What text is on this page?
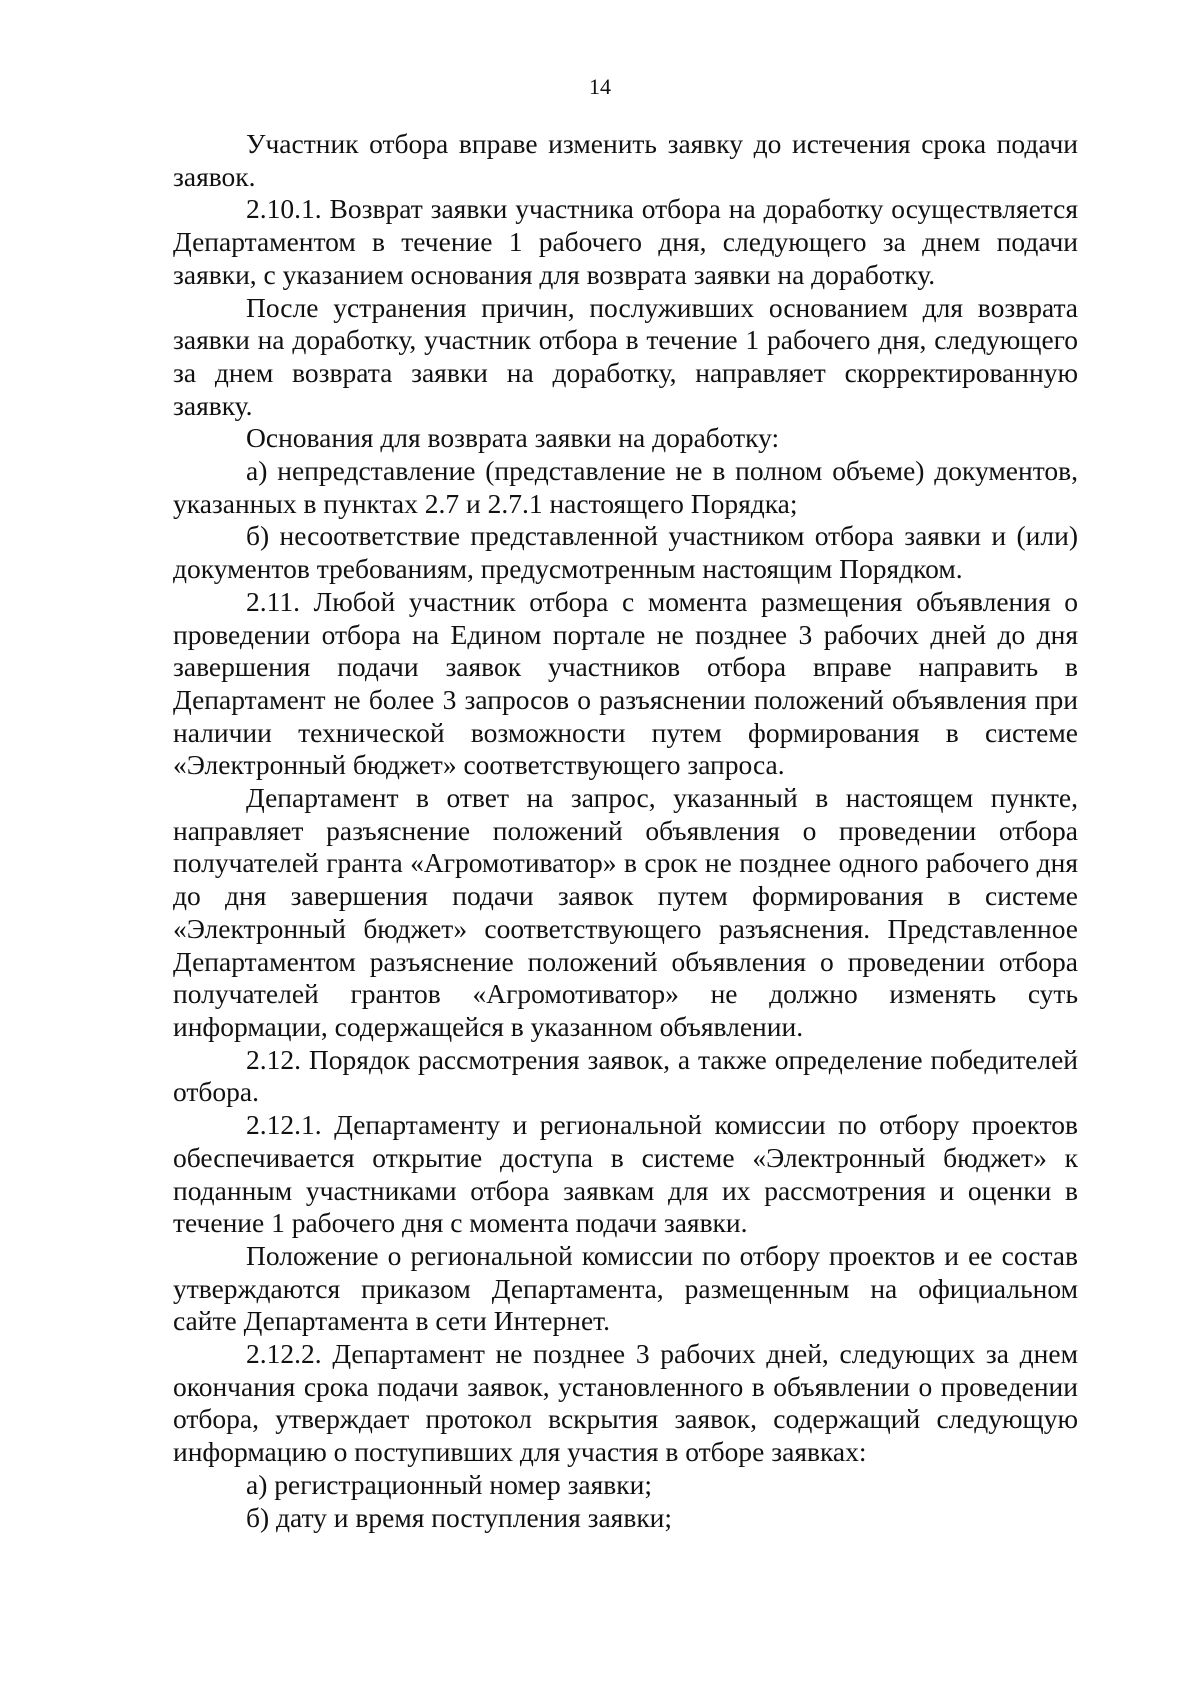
14

Участник отбора вправе изменить заявку до истечения срока подачи заявок.

2.10.1. Возврат заявки участника отбора на доработку осуществляется Департаментом в течение 1 рабочего дня, следующего за днем подачи заявки, с указанием основания для возврата заявки на доработку.

После устранения причин, послуживших основанием для возврата заявки на доработку, участник отбора в течение 1 рабочего дня, следующего за днем возврата заявки на доработку, направляет скорректированную заявку.

Основания для возврата заявки на доработку:

а) непредставление (представление не в полном объеме) документов, указанных в пунктах 2.7 и 2.7.1 настоящего Порядка;

б) несоответствие представленной участником отбора заявки и (или) документов требованиям, предусмотренным настоящим Порядком.

2.11. Любой участник отбора с момента размещения объявления о проведении отбора на Едином портале не позднее 3 рабочих дней до дня завершения подачи заявок участников отбора вправе направить в Департамент не более 3 запросов о разъяснении положений объявления при наличии технической возможности путем формирования в системе «Электронный бюджет» соответствующего запроса.

Департамент в ответ на запрос, указанный в настоящем пункте, направляет разъяснение положений объявления о проведении отбора получателей гранта «Агромотиватор» в срок не позднее одного рабочего дня до дня завершения подачи заявок путем формирования в системе «Электронный бюджет» соответствующего разъяснения. Представленное Департаментом разъяснение положений объявления о проведении отбора получателей грантов «Агромотиватор» не должно изменять суть информации, содержащейся в указанном объявлении.

2.12. Порядок рассмотрения заявок, а также определение победителей отбора.

2.12.1. Департаменту и региональной комиссии по отбору проектов обеспечивается открытие доступа в системе «Электронный бюджет» к поданным участниками отбора заявкам для их рассмотрения и оценки в течение 1 рабочего дня с момента подачи заявки.

Положение о региональной комиссии по отбору проектов и ее состав утверждаются приказом Департамента, размещенным на официальном сайте Департамента в сети Интернет.

2.12.2. Департамент не позднее 3 рабочих дней, следующих за днем окончания срока подачи заявок, установленного в объявлении о проведении отбора, утверждает протокол вскрытия заявок, содержащий следующую информацию о поступивших для участия в отборе заявках:

а) регистрационный номер заявки;

б) дату и время поступления заявки;
